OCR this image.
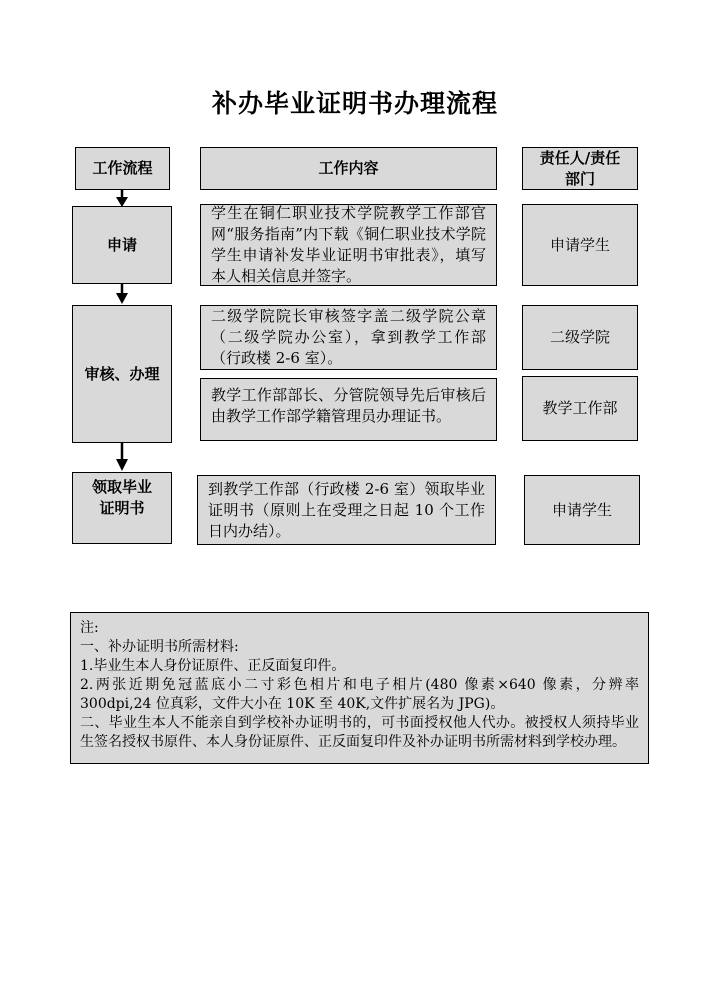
补办毕业证明书办理流程
工作流程	工作内容
责任人/责任部门
申请
学生在铜仁职业技术学院教学工作部官网“服务指南”内下载《铜仁职业技术学院学生申请补发毕业证明书审批表》，填写本人相关信息并签字。
申请学生
审核、办理
二级学院院长审核签字盖二级学院公章（二级学院办公室），拿到教学工作部（行政楼 2-6 室）。
二级学院
教学工作部部长、分管院领导先后审核后由教学工作部学籍管理员办理证书。	教学工作部
领取毕业证明书
到教学工作部（行政楼 2-6 室）领取毕业证明书（原则上在受理之日起 10 个工作日内办结）。
申请学生
注:
一、补办证明书所需材料:
1.毕业生本人身份证原件、正反面复印件。
2.两张近期免冠蓝底小二寸彩色相片和电子相片(480 像素×640 像素，分辨率 300dpi,24 位真彩，文件大小在 10K 至 40K,文件扩展名为 JPG)。
二、毕业生本人不能亲自到学校补办证明书的，可书面授权他人代办。被授权人须持毕业生签名授权书原件、本人身份证原件、正反面复印件及补办证明书所需材料到学校办理。
